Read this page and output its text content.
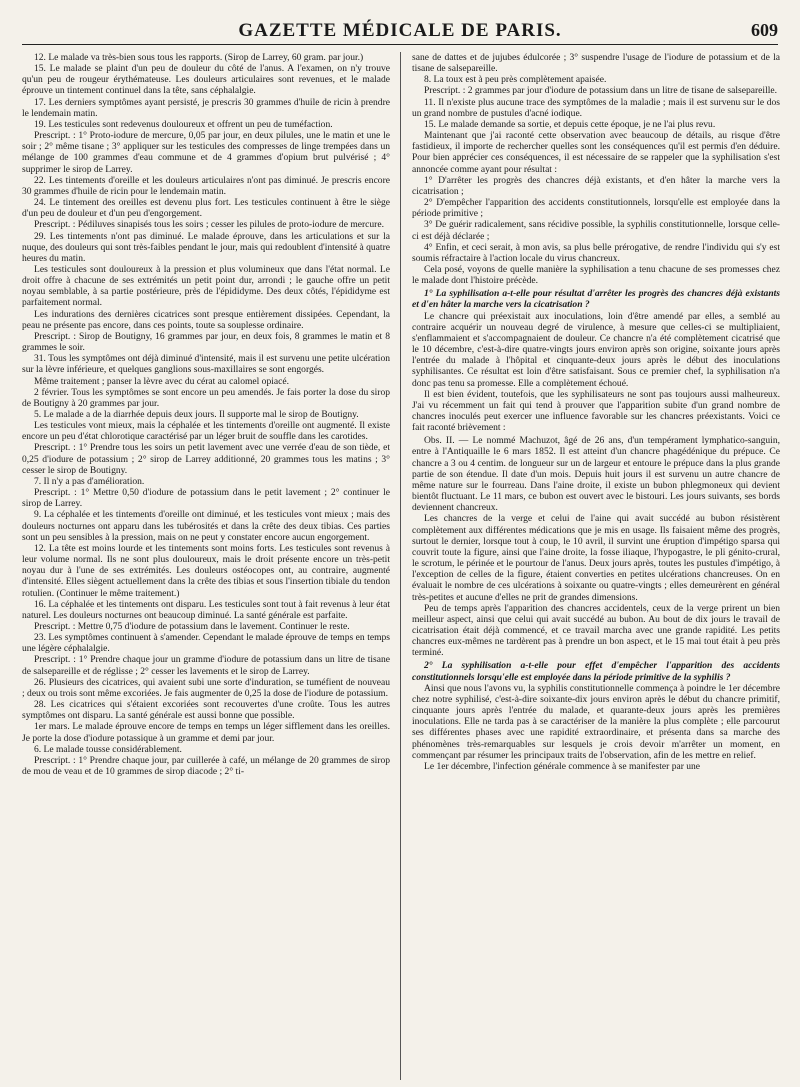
GAZETTE MÉDICALE DE PARIS.	609

12. Le malade va très-bien sous tous les rapports. (Sirop de Larrey, 60 gram. par jour.)

15. Le malade se plaint d'un peu de douleur du côté de l'anus. A l'examen, on n'y trouve qu'un peu de rougeur érythémateuse. Les douleurs articulaires sont revenues, et le malade éprouve un tintement continuel dans la tête, sans céphalalgie.

17. Les derniers symptômes ayant persisté, je prescris 30 grammes d'huile de ricin à prendre le lendemain matin.

19. Les testicules sont redevenus douloureux et offrent un peu de tuméfaction.

Prescript. : 1° Proto-iodure de mercure, 0,05 par jour, en deux pilules, une le matin et une le soir ; 2° même tisane ; 3° appliquer sur les testicules des compresses de linge trempées dans un mélange de 100 grammes d'eau commune et de 4 grammes d'opium brut pulvérisé ; 4° supprimer le sirop de Larrey.

22. Les tintements d'oreille et les douleurs articulaires n'ont pas diminué. Je prescris encore 30 grammes d'huile de ricin pour le lendemain matin.

24. Le tintement des oreilles est devenu plus fort. Les testicules continuent à être le siège d'un peu de douleur et d'un peu d'engorgement.

Prescript. : Pédiluves sinapisés tous les soirs ; cesser les pilules de proto-iodure de mercure.

29. Les tintements n'ont pas diminué. Le malade éprouve, dans les articulations et sur la nuque, des douleurs qui sont très-faibles pendant le jour, mais qui redoublent d'intensité à quatre heures du matin.

Les testicules sont douloureux à la pression et plus volumineux que dans l'état normal. Le droit offre à chacune de ses extrémités un petit point dur, arrondi ; le gauche offre un petit noyau semblable, à sa partie postérieure, près de l'épididyme. Des deux côtés, l'épididyme est parfaitement normal.

Les indurations des dernières cicatrices sont presque entièrement dissipées. Cependant, la peau ne présente pas encore, dans ces points, toute sa souplesse ordinaire.

Prescript. : Sirop de Boutigny, 16 grammes par jour, en deux fois, 8 grammes le matin et 8 grammes le soir.

31. Tous les symptômes ont déjà diminué d'intensité, mais il est survenu une petite ulcération sur la lèvre inférieure, et quelques ganglions sous-maxillaires se sont engorgés.

Même traitement ; panser la lèvre avec du cérat au calomel opiacé.

2 février. Tous les symptômes se sont encore un peu amendés. Je fais porter la dose du sirop de Boutigny à 20 grammes par jour.

5. Le malade a de la diarrhée depuis deux jours. Il supporte mal le sirop de Boutigny.

Les testicules vont mieux, mais la céphalée et les tintements d'oreille ont augmenté. Il existe encore un peu d'état chlorotique caractérisé par un léger bruit de souffle dans les carotides.

Prescript. : 1° Prendre tous les soirs un petit lavement avec une verrée d'eau de son tiède, et 0,25 d'iodure de potassium ; 2° sirop de Larrey additionné, 20 grammes tous les matins ; 3° cesser le sirop de Boutigny.

7. Il n'y a pas d'amélioration.

Prescript. : 1° Mettre 0,50 d'iodure de potassium dans le petit lavement ; 2° continuer le sirop de Larrey.

9. La céphalée et les tintements d'oreille ont diminué, et les testicules vont mieux ; mais des douleurs nocturnes ont apparu dans les tubérosités et dans la crête des deux tibias. Ces parties sont un peu sensibles à la pression, mais on ne peut y constater encore aucun engorgement.

12. La tête est moins lourde et les tintements sont moins forts. Les testicules sont revenus à leur volume normal. Ils ne sont plus douloureux, mais le droit présente encore un très-petit noyau dur à l'une de ses extrémités. Les douleurs ostéocopes ont, au contraire, augmenté d'intensité. Elles siègent actuellement dans la crête des tibias et sous l'insertion tibiale du tendon rotulien. (Continuer le même traitement.)

16. La céphalée et les tintements ont disparu. Les testicules sont tout à fait revenus à leur état naturel. Les douleurs nocturnes ont beaucoup diminué. La santé générale est parfaite.

Prescript. : Mettre 0,75 d'iodure de potassium dans le lavement. Continuer le reste.

23. Les symptômes continuent à s'amender. Cependant le malade éprouve de temps en temps une légère céphalalgie.

Prescript. : 1° Prendre chaque jour un gramme d'iodure de potassium dans un litre de tisane de salsepareille et de réglisse ; 2° cesser les lavements et le sirop de Larrey.

26. Plusieurs des cicatrices, qui avaient subi une sorte d'induration, se tuméfient de nouveau ; deux ou trois sont même excoriées. Je fais augmenter de 0,25 la dose de l'iodure de potassium.

28. Les cicatrices qui s'étaient excoriées sont recouvertes d'une croûte. Tous les autres symptômes ont disparu. La santé générale est aussi bonne que possible.

1er mars. Le malade éprouve encore de temps en temps un léger sifflement dans les oreilles. Je porte la dose d'iodure potassique à un gramme et demi par jour.

6. Le malade tousse considérablement.

Prescript. : 1° Prendre chaque jour, par cuillerée à café, un mélange de 20 grammes de sirop de mou de veau et de 10 grammes de sirop diacode ; 2° ti-

sane de dattes et de jujubes édulcorée ; 3° suspendre l'usage de l'iodure de potassium et de la tisane de salsepareille.

8. La toux est à peu près complètement apaisée.

Prescript. : 2 grammes par jour d'iodure de potassium dans un litre de tisane de salsepareille.

11. Il n'existe plus aucune trace des symptômes de la maladie ; mais il est survenu sur le dos un grand nombre de pustules d'acné iodique.

15. Le malade demande sa sortie, et depuis cette époque, je ne l'ai plus revu.

Maintenant que j'ai raconté cette observation avec beaucoup de détails, au risque d'être fastidieux, il importe de rechercher quelles sont les conséquences qu'il est permis d'en déduire. Pour bien apprécier ces conséquences, il est nécessaire de se rappeler que la syphilisation s'est annoncée comme ayant pour résultat :

1° D'arrêter les progrès des chancres déjà existants, et d'en hâter la marche vers la cicatrisation ;

2° D'empêcher l'apparition des accidents constitutionnels, lorsqu'elle est employée dans la période primitive ;

3° De guérir radicalement, sans récidive possible, la syphilis constitutionnelle, lorsque celle-ci est déjà déclarée ;

4° Enfin, et ceci serait, à mon avis, sa plus belle prérogative, de rendre l'individu qui s'y est soumis réfractaire à l'action locale du virus chancreux.

Cela posé, voyons de quelle manière la syphilisation a tenu chacune de ses promesses chez le malade dont l'histoire précède.

1° La syphilisation a-t-elle pour résultat d'arrêter les progrès des chancres déjà existants et d'en hâter la marche vers la cicatrisation ?

Le chancre qui préexistait aux inoculations, loin d'être amendé par elles, a semblé au contraire acquérir un nouveau degré de virulence, à mesure que celles-ci se multipliaient, s'enflammaient et s'accompagnaient de douleur. Ce chancre n'a été complètement cicatrisé que le 10 décembre, c'est-à-dire quatre-vingts jours environ après son origine, soixante jours après l'entrée du malade à l'hôpital et cinquante-deux jours après le début des inoculations syphilisantes. Ce résultat est loin d'être satisfaisant. Sous ce premier chef, la syphilisation n'a donc pas tenu sa promesse. Elle a complètement échoué.

Il est bien évident, toutefois, que les syphilisateurs ne sont pas toujours aussi malheureux. J'ai vu récemment un fait qui tend à prouver que l'apparition subite d'un grand nombre de chancres inoculés peut exercer une influence favorable sur les chancres préexistants. Voici ce fait raconté brièvement :

Obs. II. — Le nommé Machuzot, âgé de 26 ans, d'un tempérament lymphatico-sanguin, entre à l'Antiquaille le 6 mars 1852. Il est atteint d'un chancre phagédénique du prépuce. Ce chancre a 3 ou 4 centim. de longueur sur un de largeur et entoure le prépuce dans la plus grande partie de son étendue. Il date d'un mois. Depuis huit jours il est survenu un autre chancre de même nature sur le fourreau. Dans l'aine droite, il existe un bubon phlegmoneux qui devient bientôt fluctuant. Le 11 mars, ce bubon est ouvert avec le bistouri. Les jours suivants, ses bords deviennent chancreux.

Les chancres de la verge et celui de l'aine qui avait succédé au bubon résistèrent complètement aux différentes médications que je mis en usage. Ils faisaient même des progrès, surtout le dernier, lorsque tout à coup, le 10 avril, il survint une éruption d'impétigo sparsa qui couvrit toute la figure, ainsi que l'aine droite, la fosse iliaque, l'hypogastre, le pli génito-crural, le scrotum, le périnée et le pourtour de l'anus. Deux jours après, toutes les pustules d'impétigo, à l'exception de celles de la figure, étaient converties en petites ulcérations chancreuses. On en évaluait le nombre de ces ulcérations à soixante ou quatre-vingts ; elles demeurèrent en général très-petites et aucune d'elles ne prit de grandes dimensions.

Peu de temps après l'apparition des chancres accidentels, ceux de la verge prirent un bien meilleur aspect, ainsi que celui qui avait succédé au bubon. Au bout de dix jours le travail de cicatrisation était déjà commencé, et ce travail marcha avec une grande rapidité. Les petits chancres eux-mêmes ne tardèrent pas à prendre un bon aspect, et le 15 mai tout était à peu près terminé.

2° La syphilisation a-t-elle pour effet d'empêcher l'apparition des accidents constitutionnels lorsqu'elle est employée dans la période primitive de la syphilis ?

Ainsi que nous l'avons vu, la syphilis constitutionnelle commença à poindre le 1er décembre chez notre syphilisé, c'est-à-dire soixante-dix jours environ après le début du chancre primitif, cinquante jours après l'entrée du malade, et quarante-deux jours après les premières inoculations. Elle ne tarda pas à se caractériser de la manière la plus complète ; elle parcourut ses différentes phases avec une rapidité extraordinaire, et présenta dans sa marche des phénomènes très-remarquables sur lesquels je crois devoir m'arrêter un moment, en commençant par résumer les principaux traits de l'observation, afin de les mettre en relief.

Le 1er décembre, l'infection générale commence à se manifester par une
